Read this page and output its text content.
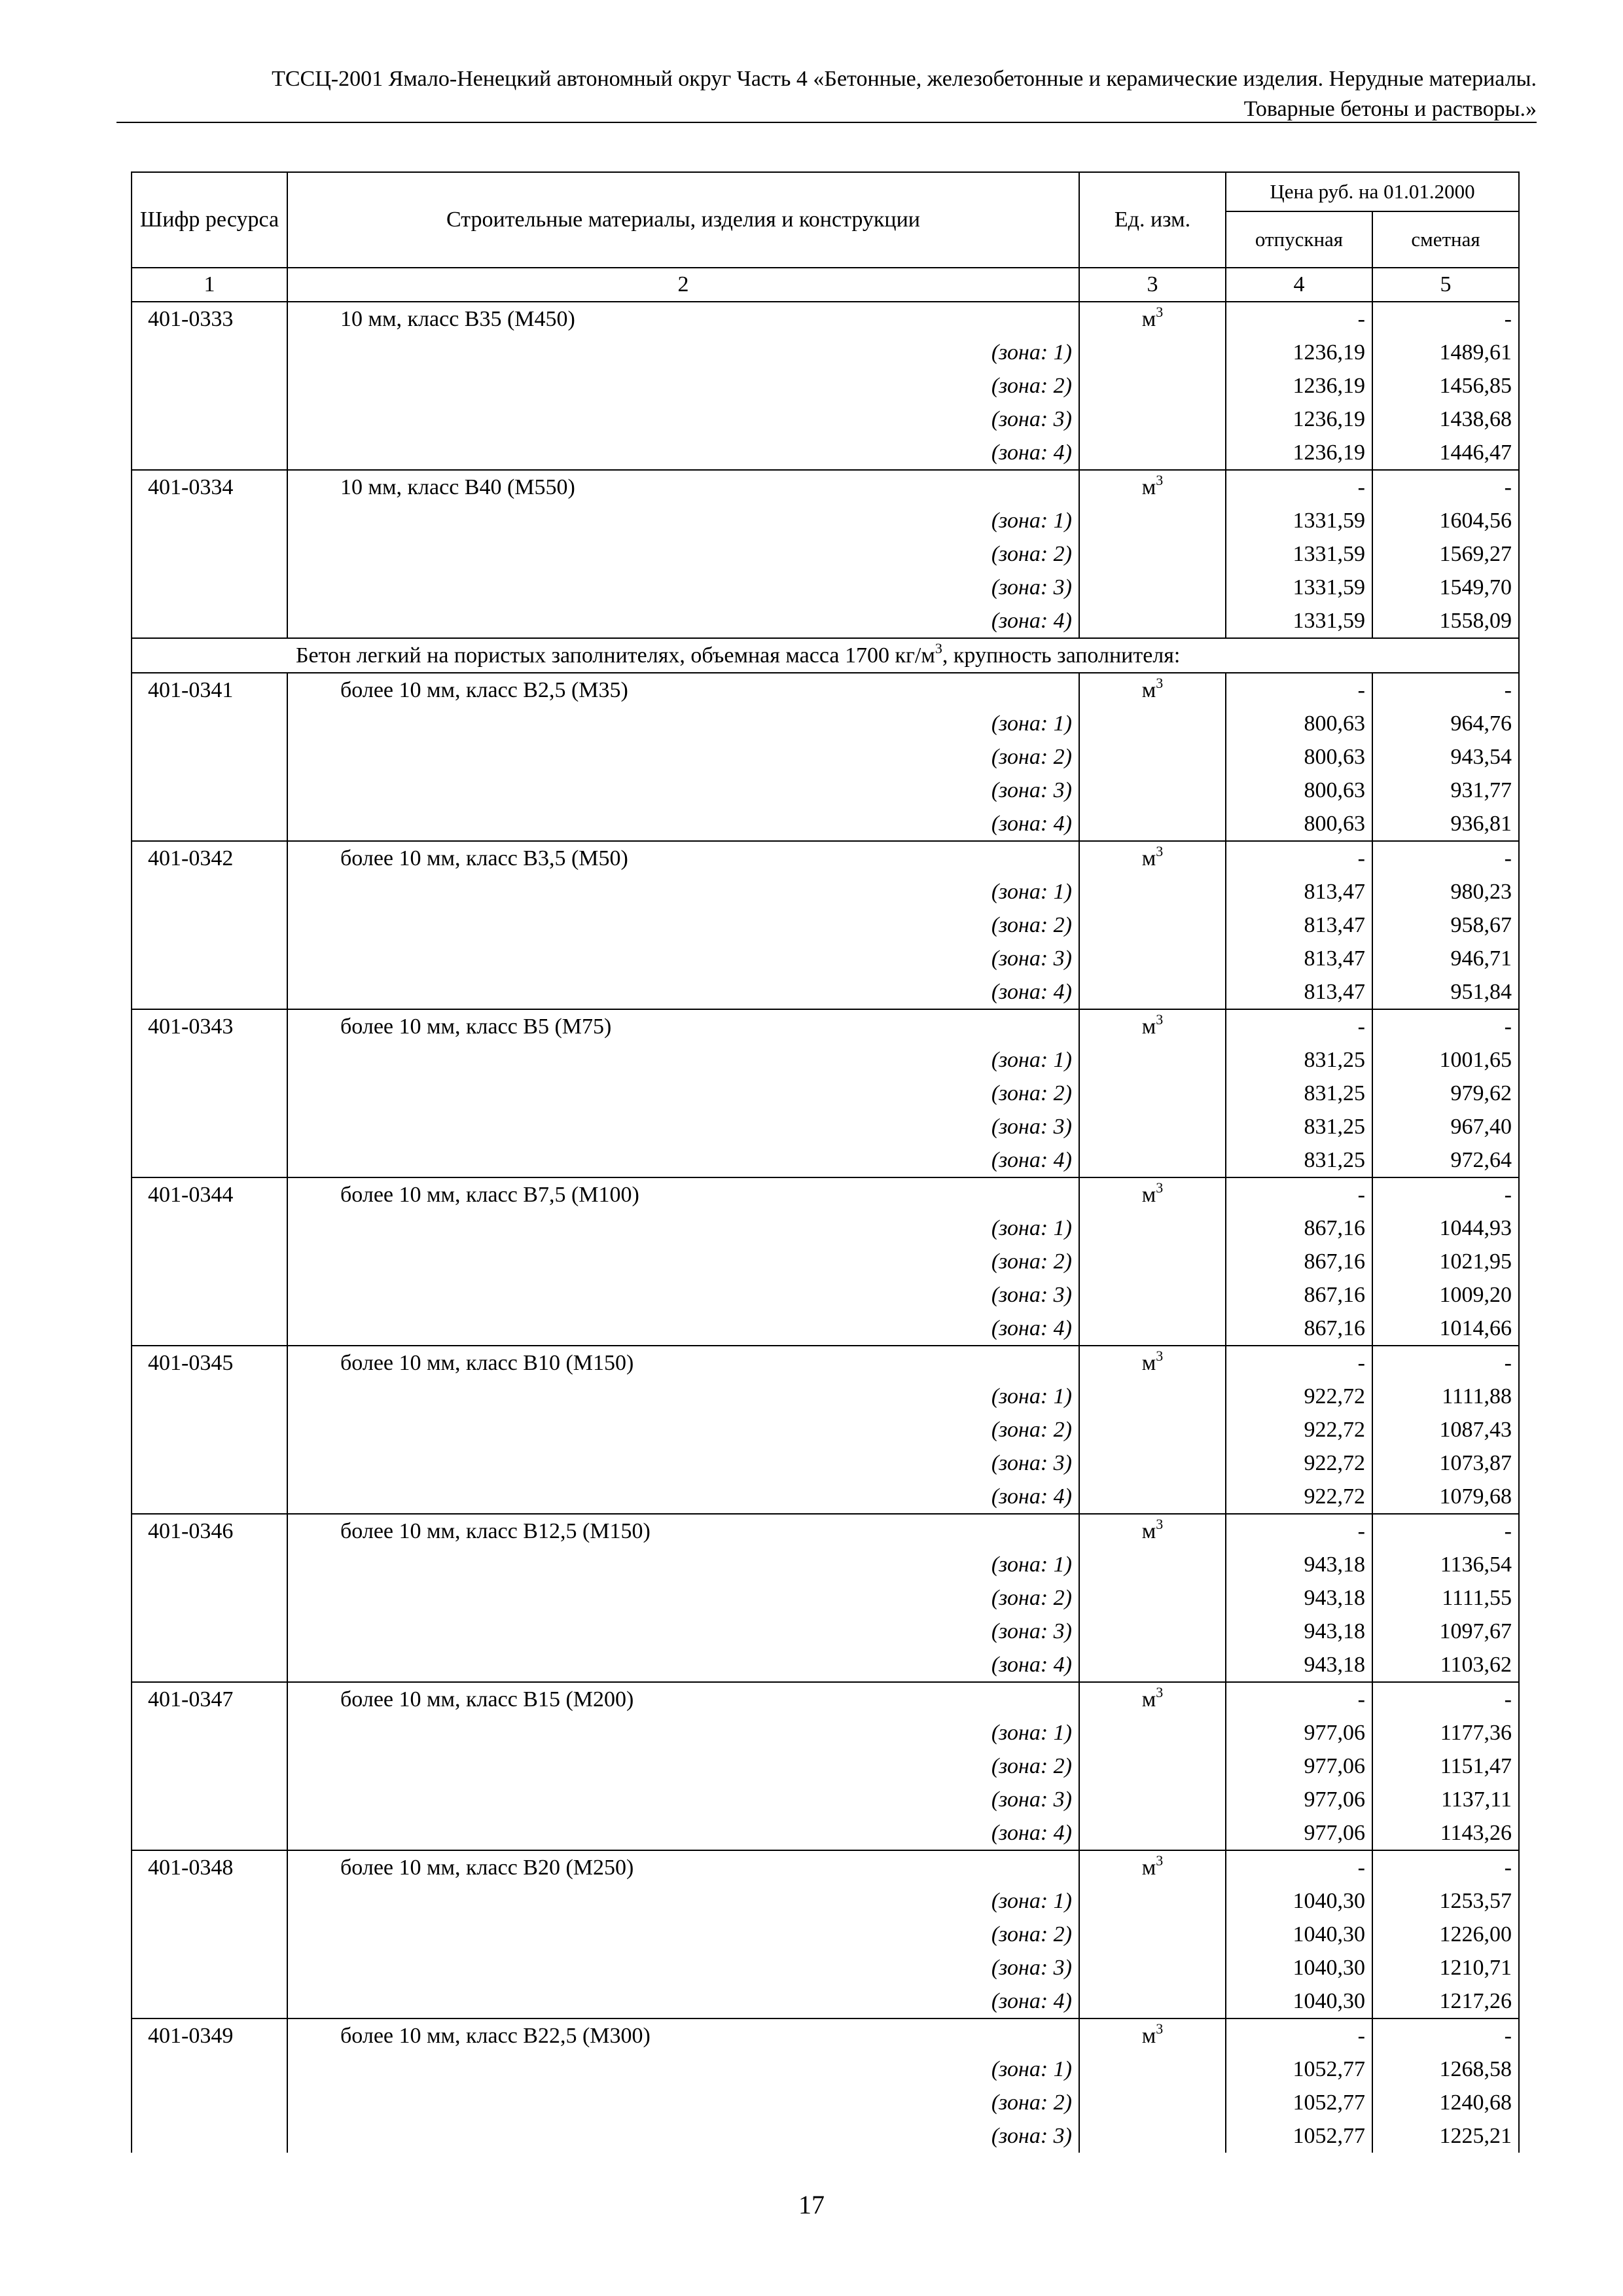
ТССЦ-2001 Ямало-Ненецкий автономный округ Часть 4 «Бетонные, железобетонные и керамические изделия. Нерудные материалы.
Товарные бетоны и растворы.»
Шифр ресурса	Строительные материалы, изделия и конструкции	Ед. изм.	Цена руб. на 01.01.2000	
			отпускная	сметная
1	2	3	4	5
401-0333	10 мм, класс В35 (М450)	$м^3$	-	-
	(зона: 1)		1236,19	1489,61
	(зона: 2)		1236,19	1456,85
	(зона: 3)		1236,19	1438,68
	(зона: 4)		1236,19	1446,47
401-0334	10 мм, класс В40 (М550)	$м^3$	-	-
	(зона: 1)		1331,59	1604,56
	(зона: 2)		1331,59	1569,27
	(зона: 3)		1331,59	1549,70
	(зона: 4)		1331,59	1558,09
Бетон легкий на пористых заполнителях, объемная масса 1700 $кг/м^3$, крупность заполнителя:				
401-0341	более 10 мм, класс В2,5 (М35)	$м^3$	-	-
	(зона: 1)		800,63	964,76
	(зона: 2)		800,63	943,54
	(зона: 3)		800,63	931,77
	(зона: 4)		800,63	936,81
401-0342	более 10 мм, класс В3,5 (М50)	$м^3$	-	-
	(зона: 1)		813,47	980,23
	(зона: 2)		813,47	958,67
	(зона: 3)		813,47	946,71
	(зона: 4)		813,47	951,84
401-0343	более 10 мм, класс В5 (М75)	$м^3$	-	-
	(зона: 1)		831,25	1001,65
	(зона: 2)		831,25	979,62
	(зона: 3)		831,25	967,40
	(зона: 4)		831,25	972,64
401-0344	более 10 мм, класс В7,5 (М100)	$м^3$	-	-
	(зона: 1)		867,16	1044,93
	(зона: 2)		867,16	1021,95
	(зона: 3)		867,16	1009,20
	(зона: 4)		867,16	1014,66
401-0345	более 10 мм, класс В10 (М150)	$м^3$	-	-
	(зона: 1)		922,72	1111,88
	(зона: 2)		922,72	1087,43
	(зона: 3)		922,72	1073,87
	(зона: 4)		922,72	1079,68
401-0346	более 10 мм, класс В12,5 (М150)	$м^3$	-	-
	(зона: 1)		943,18	1136,54
	(зона: 2)		943,18	1111,55
	(зона: 3)		943,18	1097,67
	(зона: 4)		943,18	1103,62
401-0347	более 10 мм, класс В15 (М200)	$м^3$	-	-
	(зона: 1)		977,06	1177,36
	(зона: 2)		977,06	1151,47
	(зона: 3)		977,06	1137,11
	(зона: 4)		977,06	1143,26
401-0348	более 10 мм, класс В20 (М250)	$м^3$	-	-
	(зона: 1)		1040,30	1253,57
	(зона: 2)		1040,30	1226,00
	(зона: 3)		1040,30	1210,71
	(зона: 4)		1040,30	1217,26
401-0349	более 10 мм, класс В22,5 (М300)	$м^3$	-	-
	(зона: 1)		1052,77	1268,58
	(зона: 2)		1052,77	1240,68
	(зона: 3)		1052,77	1225,21
17
